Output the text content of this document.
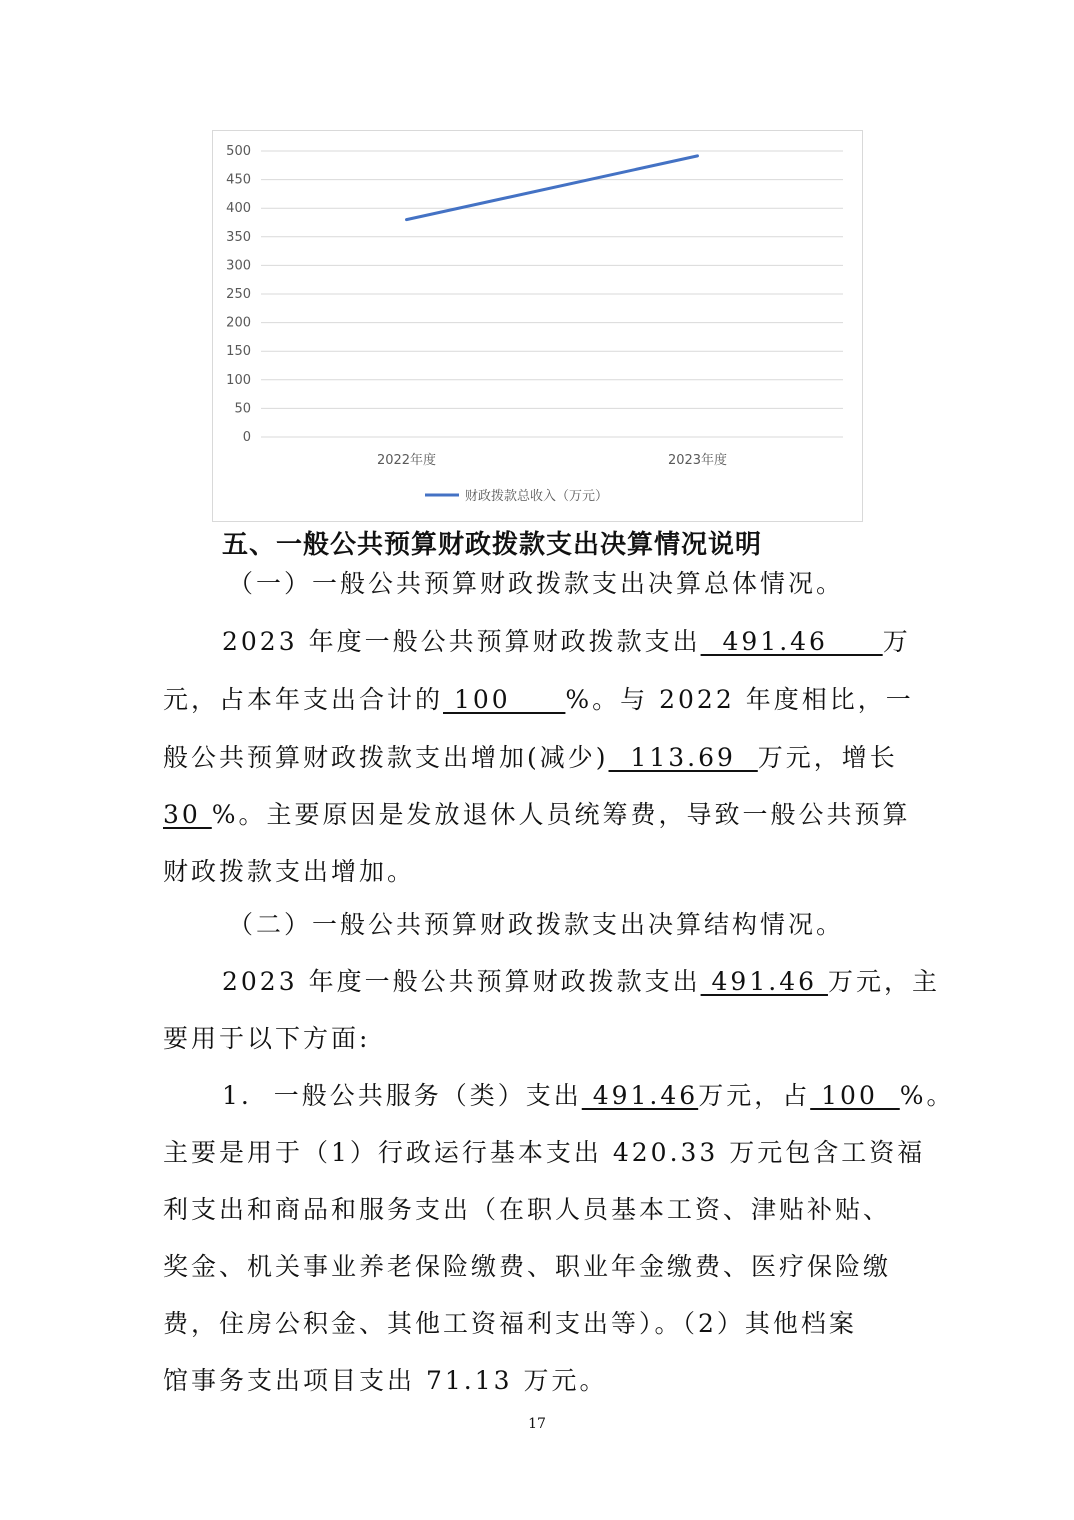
500
450
400
350
300
250
200
150
100
50
0
2022年度	2023年度
财政拨款总收入（万元）
五、一般公共预算财政拨款支出决算情况说明
（一）一般公共预算财政拨款支出决算总体情况。
2023 年度一般公共预算财政拨款支出  491.46     万
元，占本年支出合计的 100     %。与 2022 年度相比，一
般公共预算财政拨款支出增加(减少)  113.69  万元，增长
30 %。主要原因是发放退休人员统筹费，导致一般公共预算
财政拨款支出增加。
（二）一般公共预算财政拨款支出决算结构情况。
2023 年度一般公共预算财政拨款支出 491.46 万元，主
要用于以下方面:
1.  一般公共服务（类）支出 491.46万元，占 100  %。
主要是用于（1）行政运行基本支出 420.33 万元包含工资福
利支出和商品和服务支出（在职人员基本工资、津贴补贴、
奖金、机关事业养老保险缴费、职业年金缴费、医疗保险缴
费，住房公积金、其他工资福利支出等）。（2）其他档案
馆事务支出项目支出 71.13 万元。
17
